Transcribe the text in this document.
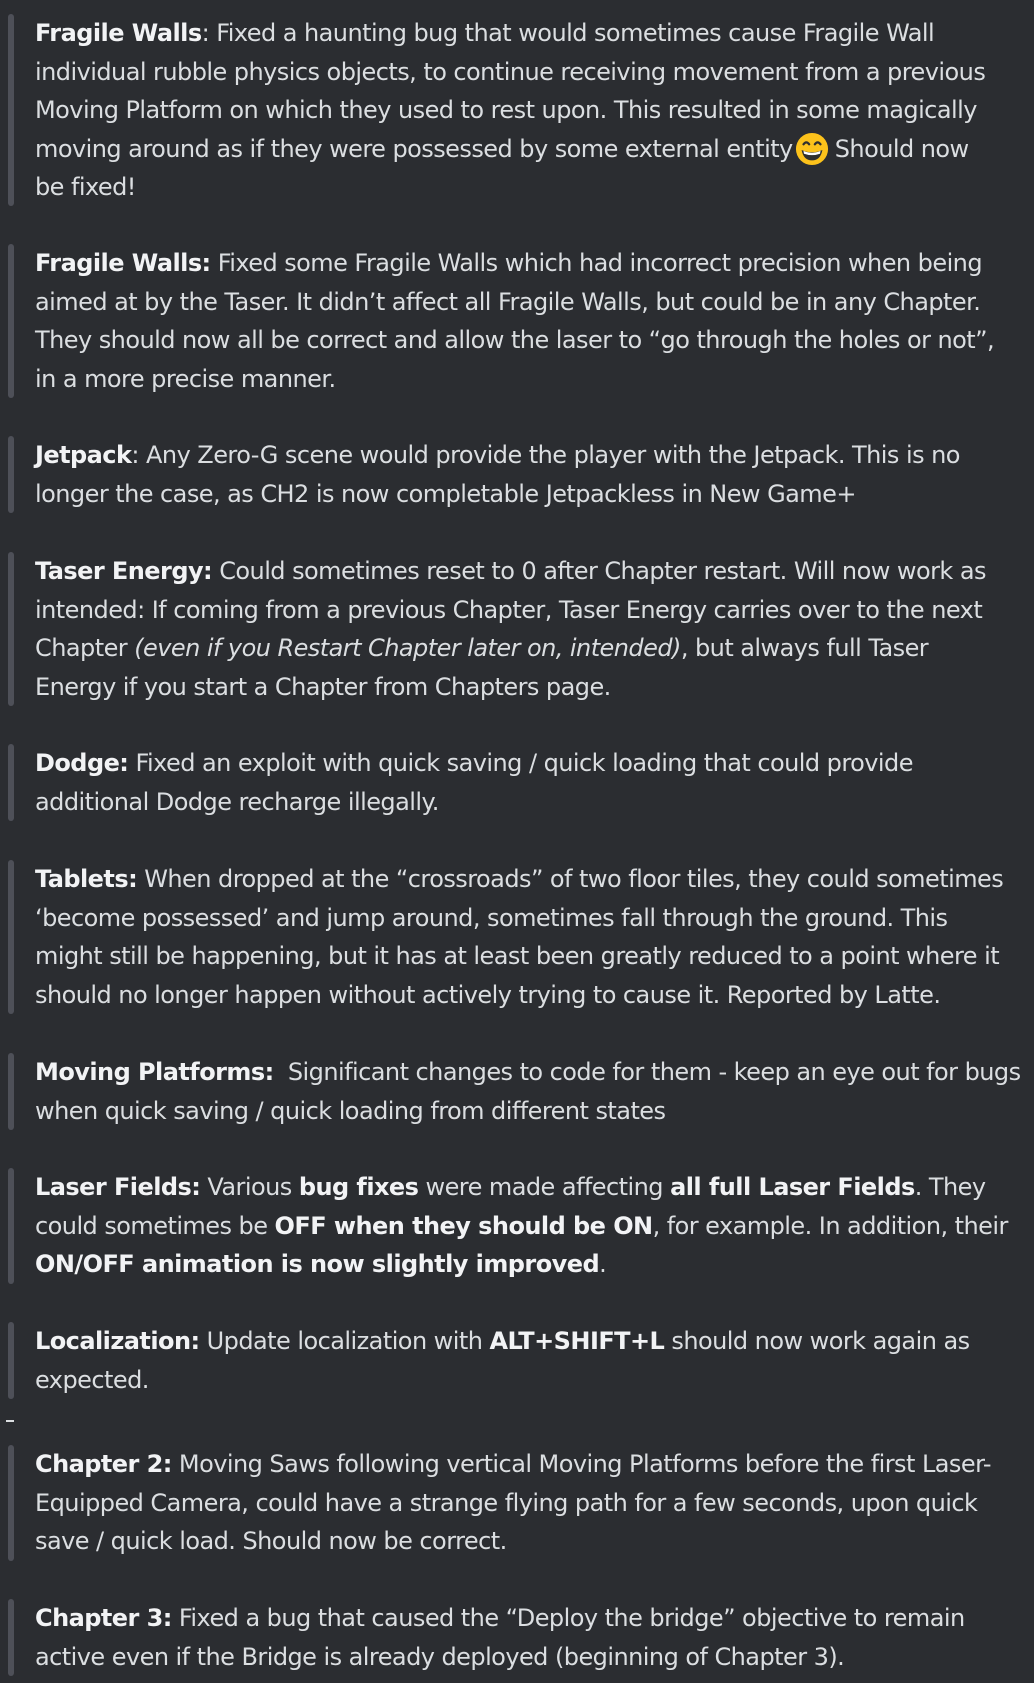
Fragile Walls: Fixed a haunting bug that would sometimes cause Fragile Wall
individual rubble physics objects, to continue receiving movement from a previous
Moving Platform on which they used to rest upon. This resulted in some magically
moving around as if they were possessed by some external entity Should now
be fixed!
Fragile Walls: Fixed some Fragile Walls which had incorrect precision when being
aimed at by the Taser. It didn’t affect all Fragile Walls, but could be in any Chapter.
They should now all be correct and allow the laser to “go through the holes or not”,
in a more precise manner.
Jetpack: Any Zero-G scene would provide the player with the Jetpack. This is no
longer the case, as CH2 is now completable Jetpackless in New Game+
Taser Energy: Could sometimes reset to 0 after Chapter restart. Will now work as
intended: If coming from a previous Chapter, Taser Energy carries over to the next
Chapter (even if you Restart Chapter later on, intended), but always full Taser
Energy if you start a Chapter from Chapters page.
Dodge: Fixed an exploit with quick saving / quick loading that could provide
additional Dodge recharge illegally.
Tablets: When dropped at the “crossroads” of two floor tiles, they could sometimes
‘become possessed’ and jump around, sometimes fall through the ground. This
might still be happening, but it has at least been greatly reduced to a point where it
should no longer happen without actively trying to cause it. Reported by Latte.
Moving Platforms: Significant changes to code for them - keep an eye out for bugs
when quick saving / quick loading from different states
Laser Fields: Various bug fixes were made affecting all full Laser Fields. They
could sometimes be OFF when they should be ON, for example. In addition, their
ON/OFF animation is now slightly improved.
Localization: Update localization with ALT+SHIFT+L should now work again as
expected.
Chapter 2: Moving Saws following vertical Moving Platforms before the first Laser-
Equipped Camera, could have a strange flying path for a few seconds, upon quick
save / quick load. Should now be correct.
Chapter 3: Fixed a bug that caused the “Deploy the bridge” objective to remain
active even if the Bridge is already deployed (beginning of Chapter 3).
